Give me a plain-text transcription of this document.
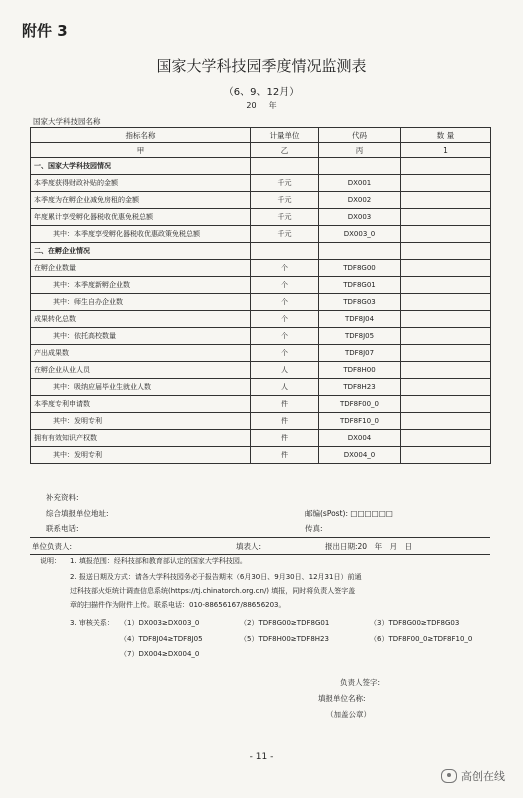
附件 3
国家大学科技园季度情况监测表
（6、9、12月）
20 年
国家大学科技园名称
指标名称	计量单位	代码	数 量
甲	乙	丙	1
一、国家大学科技园情况			
本季度获得财政补贴的金额	千元	DX001	
本季度为在孵企业减免房租的金额	千元	DX002	
年度累计享受孵化器税收优惠免税总额	千元	DX003	
其中：本季度享受孵化器税收优惠政策免税总额	千元	DX003_0	
二、在孵企业情况			
在孵企业数量	个	TDF8G00	
其中：本季度新孵企业数	个	TDF8G01	
其中：师生自办企业数	个	TDF8G03	
成果转化总数	个	TDF8J04	
其中：依托高校数量	个	TDF8J05	
产出成果数	个	TDF8J07	
在孵企业从业人员	人	TDF8H00	
其中：吸纳应届毕业生就业人数	人	TDF8H23	
本季度专利申请数	件	TDF8F00_0	
其中：发明专利	件	TDF8F10_0	
拥有有效知识产权数	件	DX004	
其中：发明专利	件	DX004_0	
补充资料:
综合填报单位地址:	邮编(sPost): □□□□□□
联系电话:	传真:
单位负责人:	填表人:	报出日期:20　年　月　日
说明： 1. 填报范围：经科技部和教育部认定的国家大学科技园。
2. 报送日期及方式：请各大学科技园务必于报告期末（6月30日、9月30日、12月31日）前通
过科技部火炬统计调查信息系统(https://tj.chinatorch.org.cn/) 填报，同时将负责人签字盖
章的扫描件作为附件上传。联系电话：010-88656167/88656203。
3. 审核关系： （1）DX003≥DX003_0	（2）TDF8G00≥TDF8G01	（3）TDF8G00≥TDF8G03
（4）TDF8J04≥TDF8J05	（5）TDF8H00≥TDF8H23	（6）TDF8F00_0≥TDF8F10_0
（7）DX004≥DX004_0
负责人签字:
填报单位名称:
（加盖公章）
- 11 -
高创在线
